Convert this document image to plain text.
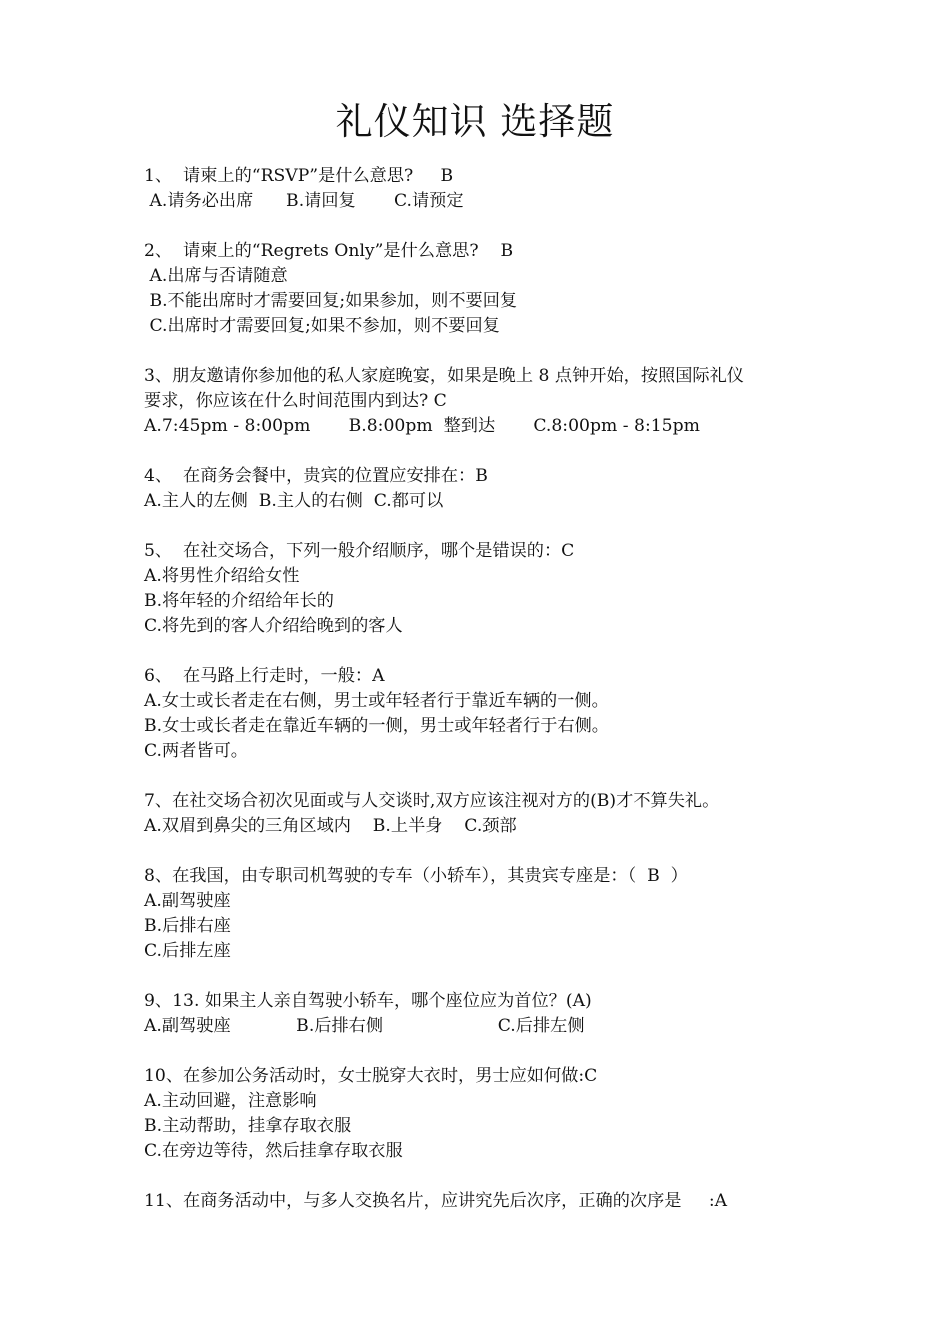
礼仪知识 选择题
1、  请柬上的“RSVP”是什么意思?     B
A.请务必出席      B.请回复       C.请预定
2、  请柬上的“Regrets Only”是什么意思?    B
A.出席与否请随意
B.不能出席时才需要回复;如果参加，则不要回复
C.出席时才需要回复;如果不参加，则不要回复
3、朋友邀请你参加他的私人家庭晚宴，如果是晚上 8 点钟开始，按照国际礼仪
要求，你应该在什么时间范围内到达? C
A.7:45pm - 8:00pm       B.8:00pm  整到达       C.8:00pm - 8:15pm
4、  在商务会餐中，贵宾的位置应安排在：B
A.主人的左侧  B.主人的右侧  C.都可以
5、  在社交场合，下列一般介绍顺序，哪个是错误的：C
A.将男性介绍给女性
B.将年轻的介绍给年长的
C.将先到的客人介绍给晚到的客人
6、  在马路上行走时，一般：A
A.女士或长者走在右侧，男士或年轻者行于靠近车辆的一侧。
B.女士或长者走在靠近车辆的一侧，男士或年轻者行于右侧。
C.两者皆可。
7、在社交场合初次见面或与人交谈时,双方应该注视对方的(B)才不算失礼。
A.双眉到鼻尖的三角区域内    B.上半身    C.颈部
8、在我国，由专职司机驾驶的专车（小轿车），其贵宾专座是：（  B  ）
A.副驾驶座
B.后排右座
C.后排左座
9、13. 如果主人亲自驾驶小轿车，哪个座位应为首位？(A)
A.副驾驶座            B.后排右侧                     C.后排左侧
10、在参加公务活动时，女士脱穿大衣时，男士应如何做:C
A.主动回避，注意影响
B.主动帮助，挂拿存取衣服
C.在旁边等待，然后挂拿存取衣服
11、在商务活动中，与多人交换名片，应讲究先后次序，正确的次序是     :A
